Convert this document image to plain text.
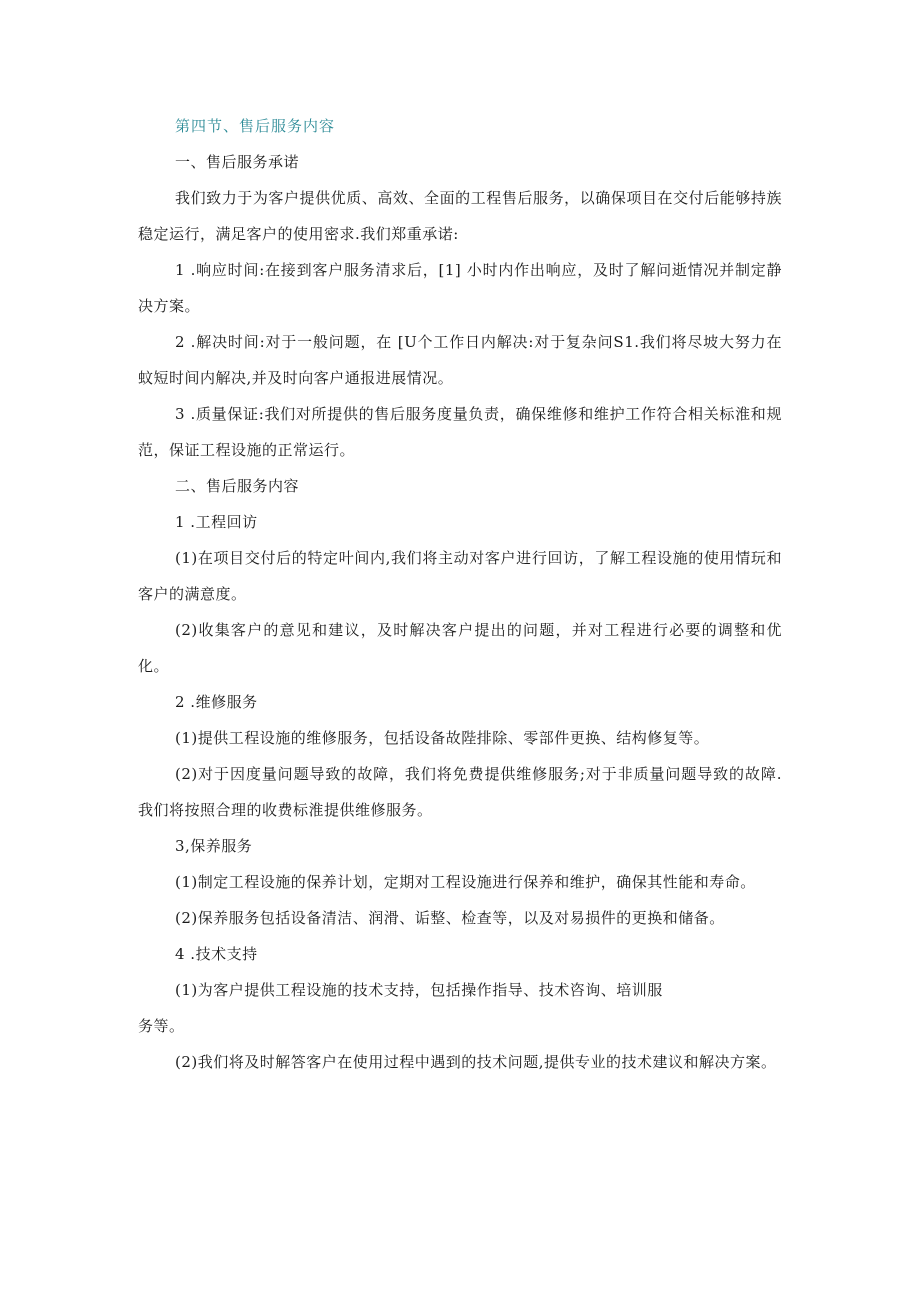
第四节、售后服务内容

一、售后服务承诺

我们致力于为客户提供优质、高效、全面的工程售后服务，以确保项目在交付后能够持族稳定运行，满足客户的使用密求.我们郑重承诺:

1 .响应时间:在接到客户服务清求后，[1] 小时内作出响应，及时了解问逝情况并制定静决方案。

2 .解决时间:对于一般问题，在 [U个工作日内解决:对于复杂问S1.我们将尽坡大努力在蚊短时间内解决,并及时向客户通报进展情况。

3 .质量保证:我们对所提供的售后服务度量负责，确保维修和维护工作符合相关标淮和规范，保证工程设施的正常运行。

二、售后服务内容

1 .工程回访

(1)在项目交付后的特定叶间内,我们将主动对客户进行回访，了解工程设施的使用情玩和客户的满意度。

(2)收集客户的意见和建议，及时解决客户提出的问题，并对工程进行必要的调整和优化。

2 .维修服务

(1)提供工程设施的维修服务，包括设备故陛排除、零部件更换、结构修复等。

(2)对于因度量问题导致的故障，我们将免费提供维修服务;对于非质量问题导致的故障.我们将按照合理的收费标淮提供维修服务。

3,保养服务

(1)制定工程设施的保养计划，定期对工程设施进行保养和维护，确保其性能和寿命。

(2)保养服务包括设备清洁、润滑、诟整、检查等，以及对易损件的更换和储备。

4 .技术支持

(1)为客户提供工程设施的技术支持，包括操作指导、技术咨询、培训服

务等。

(2)我们将及时解答客户在使用过程中遇到的技术问题,提供专业的技术建议和解决方案。
